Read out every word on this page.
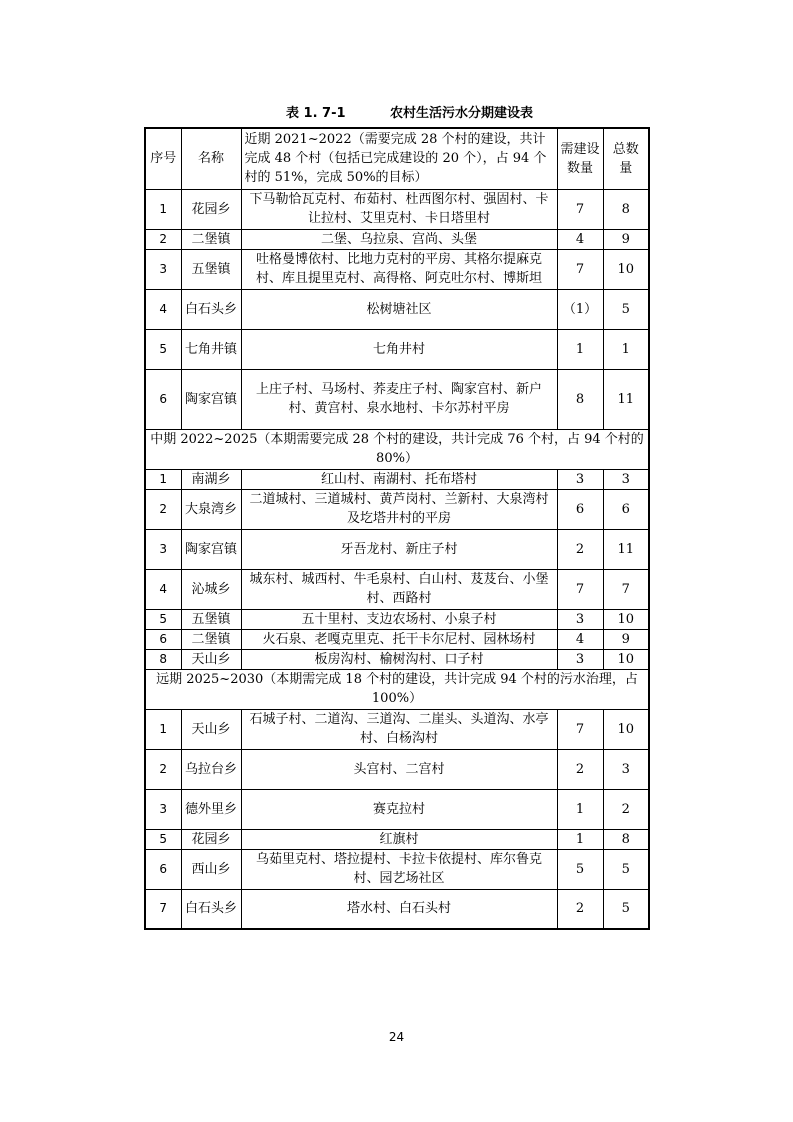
表 1. 7-1	农村生活污水分期建设表
序号	名称	近期 2021~2022（需要完成 28 个村的建设，共计完成 48 个村（包括已完成建设的 20 个），占 94 个村的 51%，完成 50%的目标）	需建设数量	总数量
1	花园乡	下马勒恰瓦克村、布茹村、杜西图尔村、强固村、卡让拉村、艾里克村、卡日塔里村	7	8
2	二堡镇	二堡、乌拉泉、宫尚、头堡	4	9
3	五堡镇	吐格曼博依村、比地力克村的平房、其格尔提麻克村、库且提里克村、高得格、阿克吐尔村、博斯坦	7	10
4	白石头乡	松树塘社区	（1）	5
5	七角井镇	七角井村	1	1
6	陶家宫镇	上庄子村、马场村、荞麦庄子村、陶家宫村、新户村、黄宫村、泉水地村、卡尔苏村平房	8	11
中期 2022~2025（本期需要完成 28 个村的建设，共计完成 76 个村，占 94 个村的 80%）				
1	南湖乡	红山村、南湖村、托布塔村	3	3
2	大泉湾乡	二道城村、三道城村、黄芦岗村、兰新村、大泉湾村及圪塔井村的平房	6	6
3	陶家宫镇	牙吾龙村、新庄子村	2	11
4	沁城乡	城东村、城西村、牛毛泉村、白山村、芨芨台、小堡村、西路村	7	7
5	五堡镇	五十里村、支边农场村、小泉子村	3	10
6	二堡镇	火石泉、老嘎克里克、托干卡尔尼村、园林场村	4	9
8	天山乡	板房沟村、榆树沟村、口子村	3	10
远期 2025~2030（本期需完成 18 个村的建设，共计完成 94 个村的污水治理，占 100%）				
1	天山乡	石城子村、二道沟、三道沟、二崖头、头道沟、水亭村、白杨沟村	7	10
2	乌拉台乡	头宫村、二宫村	2	3
3	德外里乡	赛克拉村	1	2
5	花园乡	红旗村	1	8
6	西山乡	乌茹里克村、塔拉提村、卡拉卡依提村、库尔鲁克村、园艺场社区	5	5
7	白石头乡	塔水村、白石头村	2	5
24
